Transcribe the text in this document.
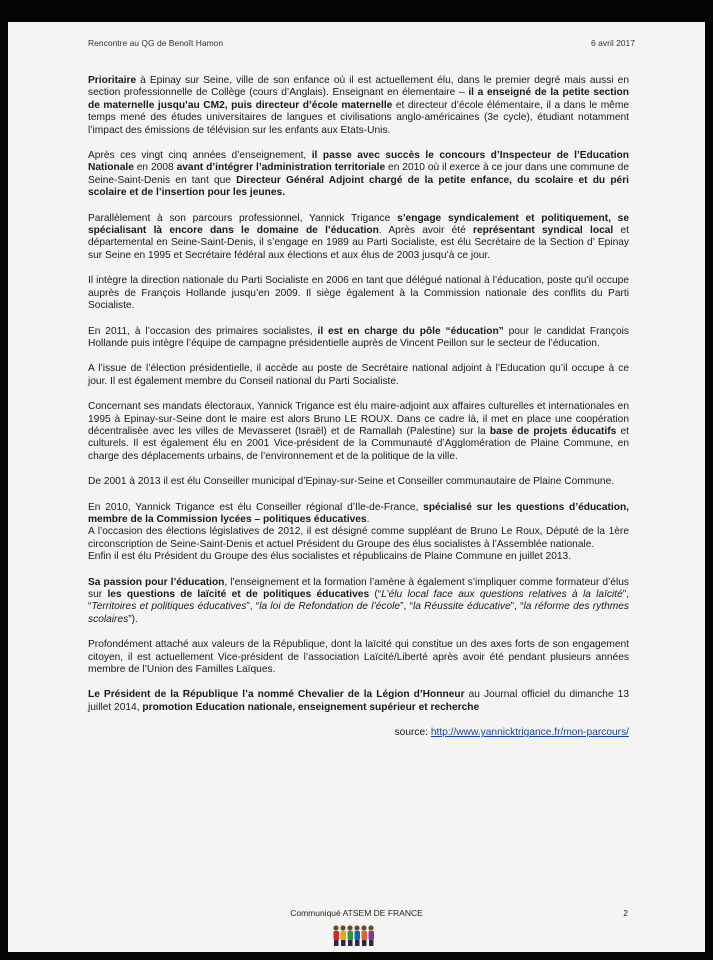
Rencontre au QG de Benoît Hamon	6 avril 2017

Prioritaire à Epinay sur Seine, ville de son enfance où il est actuellement élu, dans le premier degré mais aussi en section professionnelle de Collège (cours d’Anglais). Enseignant en élementaire – il a enseigné de la petite section de maternelle jusqu’au CM2, puis directeur d’école maternelle et directeur d’école élémentaire, il a dans le même temps mené des études universitaires de langues et civilisations anglo-américaines (3e cycle), étudiant notamment l’impact des émissions de télévision sur les enfants aux Etats-Unis.

Après ces vingt cinq années d’enseignement, il passe avec succès le concours d’Inspecteur de l’Education Nationale en 2008 avant d’intégrer l’administration territoriale en 2010 où il exerce à ce jour dans une commune de Seine-Saint-Denis en tant que Directeur Général Adjoint chargé de la petite enfance, du scolaire et du péri scolaire et de l’insertion pour les jeunes.

Parallèlement à son parcours professionnel, Yannick Trigance s’engage syndicalement et politiquement, se spécialisant là encore dans le domaine de l’éducation. Après avoir été représentant syndical local et départemental en Seine-Saint-Denis, il s’engage en 1989 au Parti Socialiste, est élu Secrétaire de la Section d’ Epinay sur Seine en 1995 et Secrétaire fédéral aux élections et aux élus de 2003 jusqu’à ce jour.

Il intègre la direction nationale du Parti Socialiste en 2006 en tant que délégué national à l’éducation, poste qu’il occupe auprès de François Hollande jusqu’en 2009. Il siège également à la Commission nationale des conflits du Parti Socialiste.

En 2011, à l’occasion des primaires socialistes, il est en charge du pôle “éducation” pour le candidat François Hollande puis intègre l’équipe de campagne présidentielle auprès de Vincent Peillon sur le secteur de l’éducation.

A l’issue de l’élection présidentielle, il accède au poste de Secrétaire national adjoint à l’Education qu’il occupe à ce jour. Il est également membre du Conseil national du Parti Socialiste.

Concernant ses mandats électoraux, Yannick Trigance est élu maire-adjoint aux affaires culturelles et internationales en 1995 à Epinay-sur-Seine dont le maire est alors Bruno LE ROUX. Dans ce cadre là, il met en place une coopération décentralisée avec les villes de Mevasseret (Israël) et de Ramallah (Palestine) sur la base de projets éducatifs et culturels. Il est également élu en 2001 Vice-président de la Communauté d’Agglomération de Plaine Commune, en charge des déplacements urbains, de l’environnement et de la politique de la ville.

De 2001 à 2013 il est élu Conseiller municipal d’Epinay-sur-Seine et Conseiller communautaire de Plaine Commune.

En 2010, Yannick Trigance est élu Conseiller régional d’Ile-de-France, spécialisé sur les questions d’éducation, membre de la Commission lycées – politiques éducatives.
A l’occasion des élections législatives de 2012, il est désigné comme suppléant de Bruno Le Roux, Député de la 1ère circonscription de Seine-Saint-Denis et actuel Président du Groupe des élus socialistes à l’Assemblée nationale.
Enfin il est élu Président du Groupe des élus socialistes et républicains de Plaine Commune en juillet 2013.

Sa passion pour l’éducation, l’enseignement et la formation l’amène à également s’impliquer comme formateur d’élus sur les questions de laïcité et de politiques éducatives (“L’élu local face aux questions relatives à la laïcité”, “Territoires et politiques éducatives”, “la loi de Refondation de l’école”, “la Réussite éducative”, “la réforme des rythmes scolaires”).

Profondément attaché aux valeurs de la République, dont la laïcité qui constitue un des axes forts de son engagement citoyen, il est actuellement Vice-président de l’association Laïcité/Liberté après avoir été pendant plusieurs années membre de l’Union des Familles Laïques.

Le Président de la République l’a nommé Chevalier de la Légion d’Honneur au Journal officiel du dimanche 13 juillet 2014, promotion Education nationale, enseignement supérieur et recherche

source: http://www.yannicktrigance.fr/mon-parcours/

Communiqué ATSEM DE FRANCE	2
